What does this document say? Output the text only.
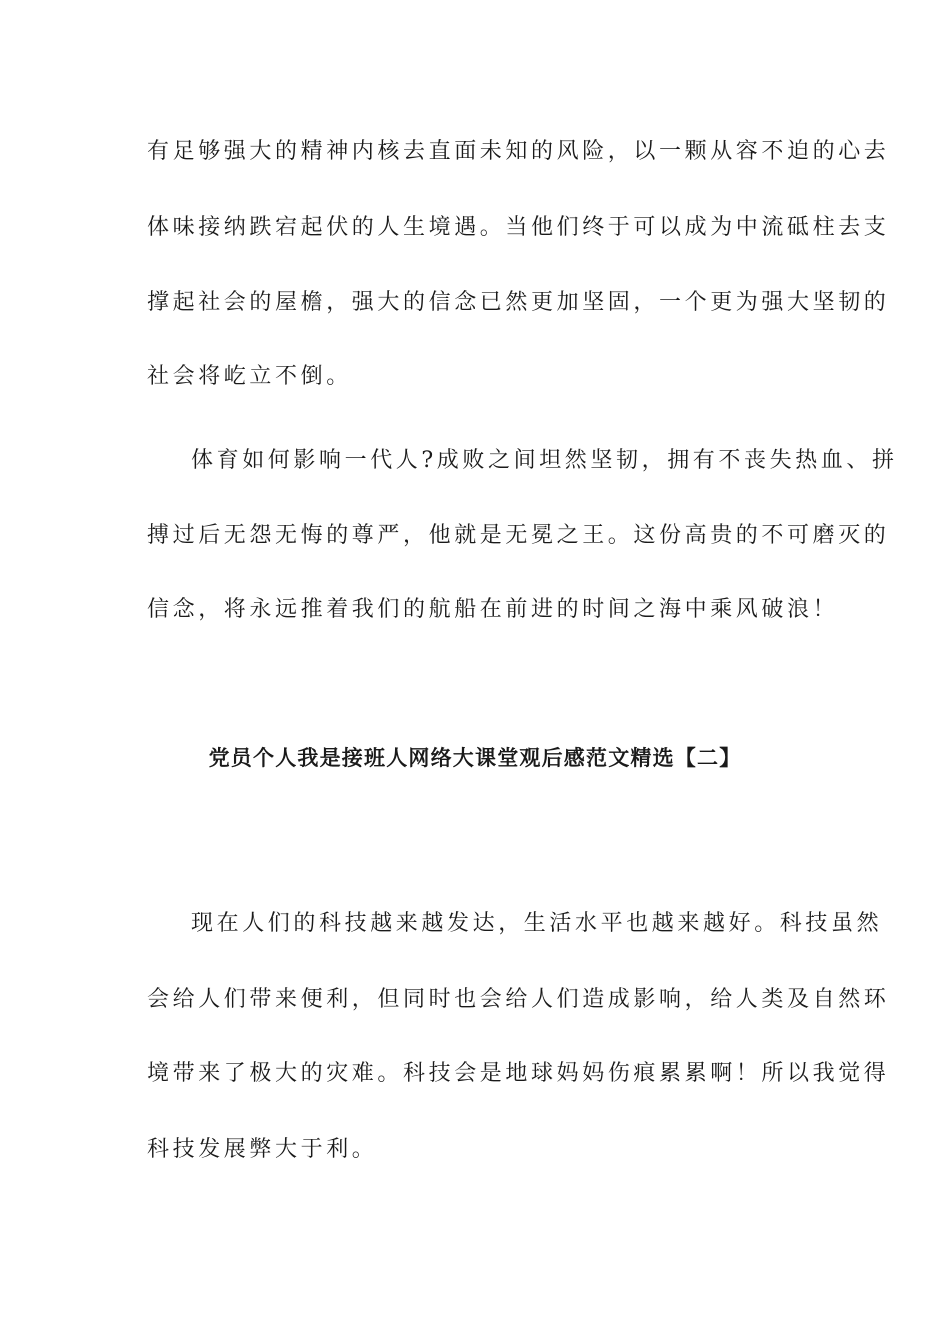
有足够强大的精神内核去直面未知的风险，以一颗从容不迫的心去
体味接纳跌宕起伏的人生境遇。当他们终于可以成为中流砥柱去支
撑起社会的屋檐，强大的信念已然更加坚固，一个更为强大坚韧的
社会将屹立不倒。
体育如何影响一代人?成败之间坦然坚韧，拥有不丧失热血、拼
搏过后无怨无悔的尊严，他就是无冕之王。这份高贵的不可磨灭的
信念，将永远推着我们的航船在前进的时间之海中乘风破浪！
党员个人我是接班人网络大课堂观后感范文精选【二】
现在人们的科技越来越发达，生活水平也越来越好。科技虽然
会给人们带来便利，但同时也会给人们造成影响，给人类及自然环
境带来了极大的灾难。科技会是地球妈妈伤痕累累啊！所以我觉得
科技发展弊大于利。
